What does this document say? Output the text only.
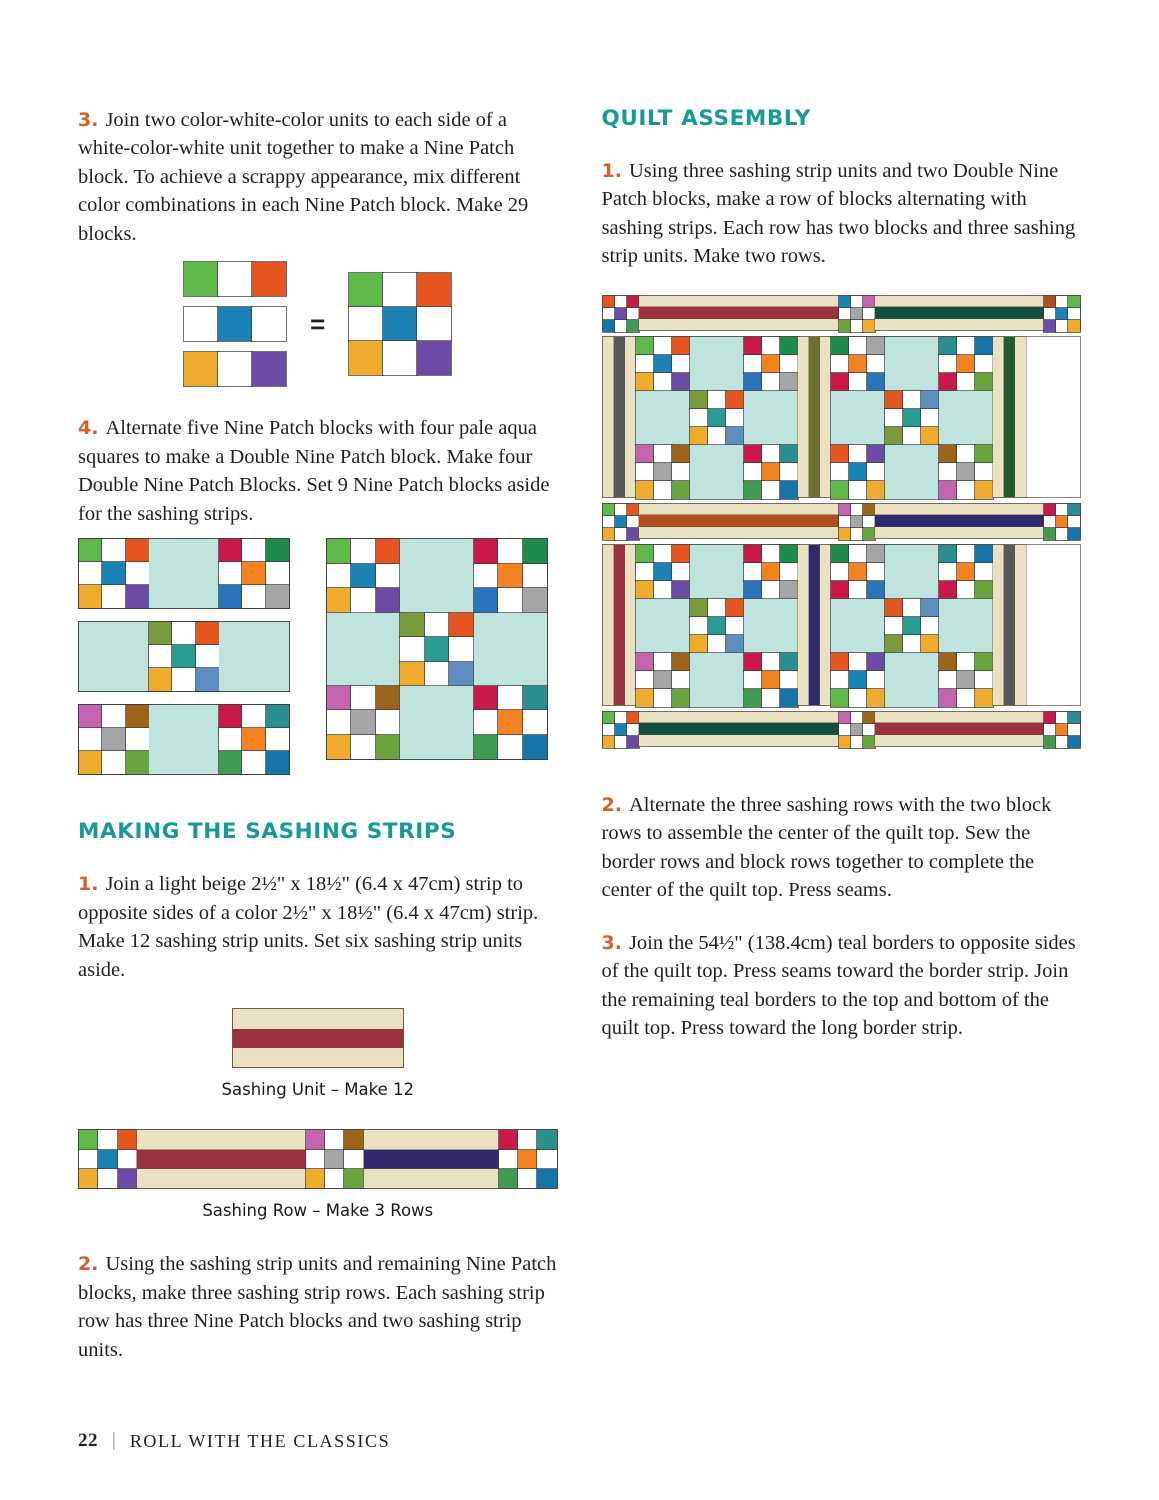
3. Join two color-white-color units to each side of a white-color-white unit together to make a Nine Patch block. To achieve a scrappy appearance, mix different color combinations in each Nine Patch block. Make 29 blocks.

=

4. Alternate five Nine Patch blocks with four pale aqua squares to make a Double Nine Patch block. Make four Double Nine Patch Blocks. Set 9 Nine Patch blocks aside for the sashing strips.

MAKING THE SASHING STRIPS

1. Join a light beige 2½" x 18½" (6.4 x 47cm) strip to opposite sides of a color 2½" x 18½" (6.4 x 47cm) strip. Make 12 sashing strip units. Set six sashing strip units aside.

Sashing Unit – Make 12
Sashing Row – Make 3 Rows

2. Using the sashing strip units and remaining Nine Patch blocks, make three sashing strip rows. Each sashing strip row has three Nine Patch blocks and two sashing strip units.

QUILT ASSEMBLY

1. Using three sashing strip units and two Double Nine Patch blocks, make a row of blocks alternating with sashing strips. Each row has two blocks and three sashing strip units. Make two rows.

2. Alternate the three sashing rows with the two block rows to assemble the center of the quilt top. Sew the border rows and block rows together to complete the center of the quilt top. Press seams.

3. Join the 54½" (138.4cm) teal borders to opposite sides of the quilt top. Press seams toward the border strip. Join the remaining teal borders to the top and bottom of the quilt top. Press toward the long border strip.

22 | ROLL WITH THE CLASSICS
